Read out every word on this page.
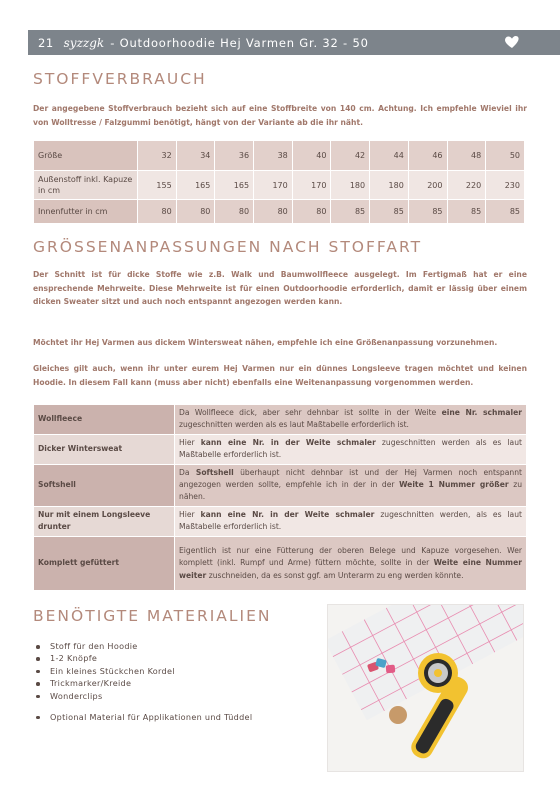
21 syzzgk - Outdoorhoodie Hej Varmen Gr. 32 - 50
STOFFVERBRAUCH

Der angegebene Stoffverbrauch bezieht sich auf eine Stoffbreite von 140 cm. Achtung. Ich empfehle Wieviel ihr von Wolltresse / Falzgummi benötigt, hängt von der Variante ab die ihr näht.

Größe	32	34	36	38	40	42	44	46	48	50
Außenstoff inkl. Kapuze in cm	155	165	165	170	170	180	180	200	220	230
Innenfutter in cm	80	80	80	80	80	85	85	85	85	85
GRÖSSENANPASSUNGEN NACH STOFFART

Der Schnitt ist für dicke Stoffe wie z.B. Walk und Baumwollfleece ausgelegt. Im Fertigmaß hat er eine ensprechende Mehrweite. Diese Mehrweite ist für einen Outdoorhoodie erforderlich, damit er lässig über einem dicken Sweater sitzt und auch noch entspannt angezogen werden kann.

Möchtet ihr Hej Varmen aus dickem Wintersweat nähen, empfehle ich eine Größenanpassung vorzunehmen.

Gleiches gilt auch, wenn ihr unter eurem Hej Varmen nur ein dünnes Longsleeve tragen möchtet und keinen Hoodie. In diesem Fall kann (muss aber nicht) ebenfalls eine Weitenanpassung vorgenommen werden.

Wollfleece	Da Wollfleece dick, aber sehr dehnbar ist sollte in der Weite eine Nr. schmaler zugeschnitten werden als es laut Maßtabelle erforderlich ist.
Dicker Wintersweat	Hier kann eine Nr. in der Weite schmaler zugeschnitten werden als es laut Maßtabelle erforderlich ist.
Softshell	Da Softshell überhaupt nicht dehnbar ist und der Hej Varmen noch entspannt angezogen werden sollte, empfehle ich in der in der Weite 1 Nummer größer zu nähen.
Nur mit einem Longsleeve drunter	Hier kann eine Nr. in der Weite schmaler zugeschnitten werden, als es laut Maßtabelle erforderlich ist.
Komplett gefüttert	Eigentlich ist nur eine Fütterung der oberen Belege und Kapuze vorgesehen. Wer komplett (inkl. Rumpf und Arme) füttern möchte, sollte in der Weite eine Nummer weiter zuschneiden, da es sonst ggf. am Unterarm zu eng werden könnte.
BENÖTIGTE MATERIALIEN
Stoff für den Hoodie
1-2 Knöpfe
Ein kleines Stückchen Kordel
Trickmarker/Kreide
Wonderclips
Optional Material für Applikationen und Tüddel
